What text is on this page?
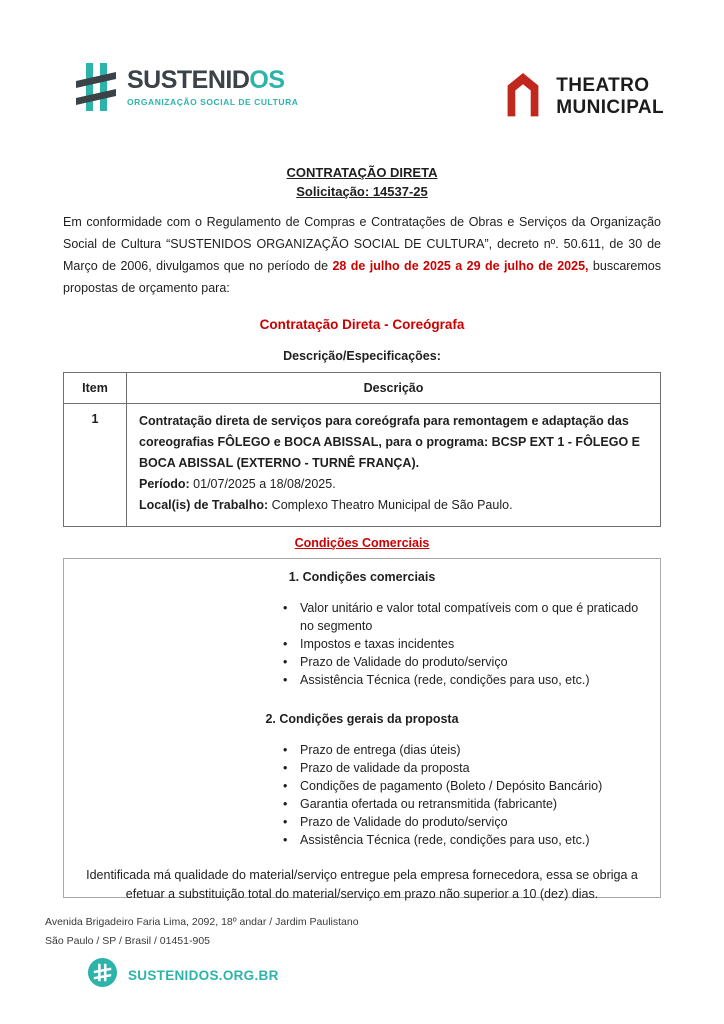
SUSTENIDOS
ORGANIZAÇÃO SOCIAL DE CULTURA
THEATRO
MUNICIPAL
CONTRATAÇÃO DIRETA
Solicitação: 14537-25

Em conformidade com o Regulamento de Compras e Contratações de Obras e Serviços da Organização Social de Cultura “SUSTENIDOS ORGANIZAÇÃO SOCIAL DE CULTURA”, decreto nº. 50.611, de 30 de Março de 2006, divulgamos que no período de 28 de julho de 2025 a 29 de julho de 2025, buscaremos propostas de orçamento para:

Contratação Direta - Coreógrafa
Descrição/Especificações:
Item	Descrição
1	Contratação direta de serviços para coreógrafa para remontagem e adaptação das coreografias FÔLEGO e BOCA ABISSAL, para o programa: BCSP EXT 1 - FÔLEGO E BOCA ABISSAL (EXTERNO - TURNÊ FRANÇA).

Período: 01/07/2025 a 18/08/2025.

Local(is) de Trabalho: Complexo Theatro Municipal de São Paulo.

Condições Comerciais
1. Condições comerciais
•	Valor unitário e valor total compatíveis com o que é praticado no segmento
•	Impostos e taxas incidentes
•	Prazo de Validade do produto/serviço
•	Assistência Técnica (rede, condições para uso, etc.)
2. Condições gerais da proposta
•	Prazo de entrega (dias úteis)
•	Prazo de validade da proposta
•	Condições de pagamento (Boleto / Depósito Bancário)
•	Garantia ofertada ou retransmitida (fabricante)
•	Prazo de Validade do produto/serviço
•	Assistência Técnica (rede, condições para uso, etc.)

Identificada má qualidade do material/serviço entregue pela empresa fornecedora, essa se obriga a efetuar a substituição total do material/serviço em prazo não superior a 10 (dez) dias.

Avenida Brigadeiro Faria Lima, 2092, 18º andar / Jardim Paulistano
São Paulo / SP / Brasil / 01451-905
SUSTENIDOS.ORG.BR
